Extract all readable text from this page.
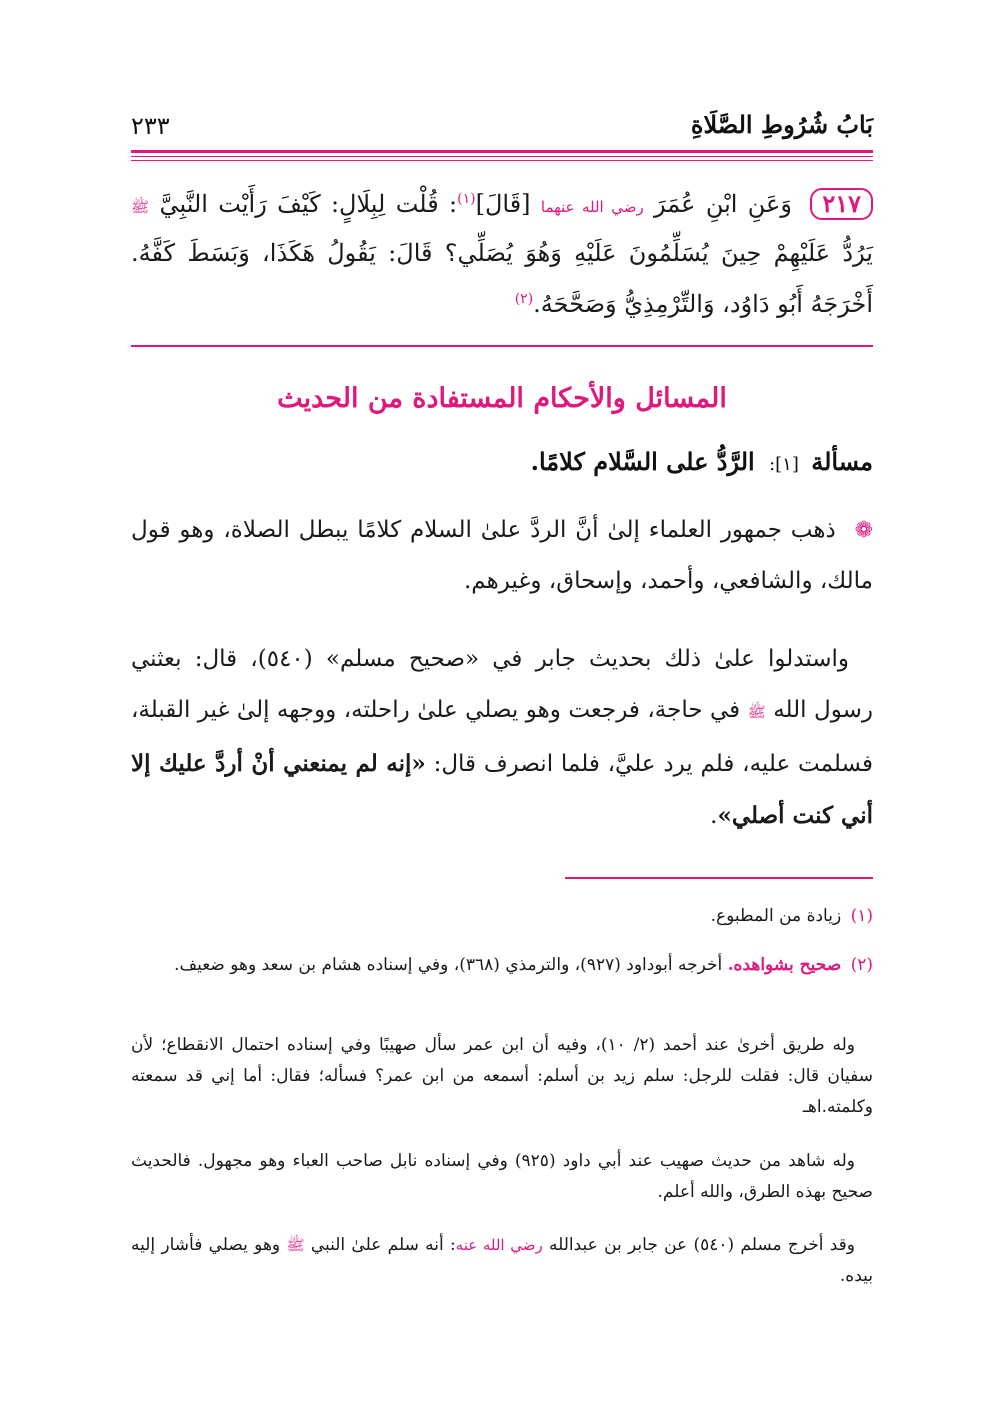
بَابُ شُرُوطِ الصَّلَاةِ
٢٣٣
٢١٧ وَعَنِ ابْنِ عُمَرَ رضي الله عنهما [قَالَ]$^{(١)}$: قُلْت لِبِلَالٍ: كَيْفَ رَأَيْت النَّبِيَّ ﷺ يَرُدُّ عَلَيْهِمْ حِينَ يُسَلِّمُونَ عَلَيْهِ وَهُوَ يُصَلِّي؟ قَالَ: يَقُولُ هَكَذَا، وَبَسَطَ كَفَّهُ. أَخْرَجَهُ أَبُو دَاوُد، وَالتِّرْمِذِيُّ وَصَحَّحَهُ.$^{(٢)}$
المسائل والأحكام المستفادة من الحديث
مسألة [١]: الرَّدُّ على السَّلام كلامًا.
❁ ذهب جمهور العلماء إلىٰ أنَّ الردَّ علىٰ السلام كلامًا يبطل الصلاة، وهو قول مالك، والشافعي، وأحمد، وإسحاق، وغيرهم.
واستدلوا علىٰ ذلك بحديث جابر في «صحيح مسلم» (٥٤٠)، قال: بعثني رسول الله ﷺ في حاجة، فرجعت وهو يصلي علىٰ راحلته، ووجهه إلىٰ غير القبلة، فسلمت عليه، فلم يرد عليَّ، فلما انصرف قال: «إنه لم يمنعني أنْ أردَّ عليك إلا أني كنت أصلي».
(١) زيادة من المطبوع.
(٢) صحيح بشواهده. أخرجه أبوداود (٩٢٧)، والترمذي (٣٦٨)، وفي إسناده هشام بن سعد وهو ضعيف.
وله طريق أخرىٰ عند أحمد (٢/ ١٠)، وفيه أن ابن عمر سأل صهيبًا وفي إسناده احتمال الانقطاع؛ لأن سفيان قال: فقلت للرجل: سلم زيد بن أسلم: أسمعه من ابن عمر؟ فسأله؛ فقال: أما إني قد سمعته وكلمته.اهـ
وله شاهد من حديث صهيب عند أبي داود (٩٢٥) وفي إسناده نابل صاحب العباء وهو مجهول. فالحديث صحيح بهذه الطرق، والله أعلم.
وقد أخرج مسلم (٥٤٠) عن جابر بن عبدالله رضي الله عنه: أنه سلم علىٰ النبي ﷺ وهو يصلي فأشار إليه بيده.
